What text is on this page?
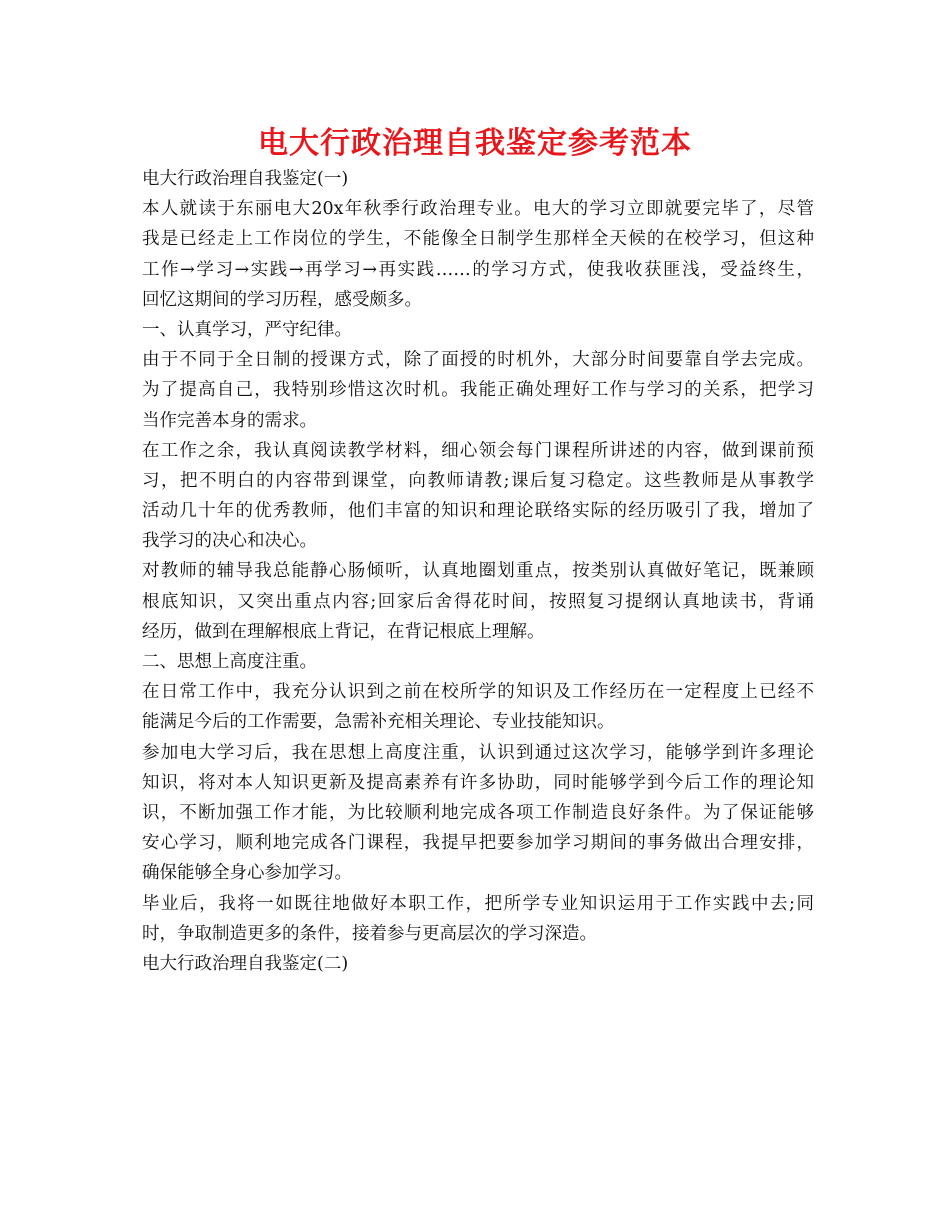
电大行政治理自我鉴定参考范本
电大行政治理自我鉴定(一)
本人就读于东丽电大20x年秋季行政治理专业。电大的学习立即就要完毕了，尽管
我是已经走上工作岗位的学生，不能像全日制学生那样全天候的在校学习，但这种
工作→学习→实践→再学习→再实践……的学习方式，使我收获匪浅，受益终生，
回忆这期间的学习历程，感受颇多。
一、认真学习，严守纪律。
由于不同于全日制的授课方式，除了面授的时机外，大部分时间要靠自学去完成。
为了提高自己，我特别珍惜这次时机。我能正确处理好工作与学习的关系，把学习
当作完善本身的需求。
在工作之余，我认真阅读教学材料，细心领会每门课程所讲述的内容，做到课前预
习，把不明白的内容带到课堂，向教师请教;课后复习稳定。这些教师是从事教学
活动几十年的优秀教师，他们丰富的知识和理论联络实际的经历吸引了我，增加了
我学习的决心和决心。
对教师的辅导我总能静心肠倾听，认真地圈划重点，按类别认真做好笔记，既兼顾
根底知识，又突出重点内容;回家后舍得花时间，按照复习提纲认真地读书，背诵
经历，做到在理解根底上背记，在背记根底上理解。
二、思想上高度注重。
在日常工作中，我充分认识到之前在校所学的知识及工作经历在一定程度上已经不
能满足今后的工作需要，急需补充相关理论、专业技能知识。
参加电大学习后，我在思想上高度注重，认识到通过这次学习，能够学到许多理论
知识，将对本人知识更新及提高素养有许多协助，同时能够学到今后工作的理论知
识，不断加强工作才能，为比较顺利地完成各项工作制造良好条件。为了保证能够
安心学习，顺利地完成各门课程，我提早把要参加学习期间的事务做出合理安排，
确保能够全身心参加学习。
毕业后，我将一如既往地做好本职工作，把所学专业知识运用于工作实践中去;同
时，争取制造更多的条件，接着参与更高层次的学习深造。
电大行政治理自我鉴定(二)
